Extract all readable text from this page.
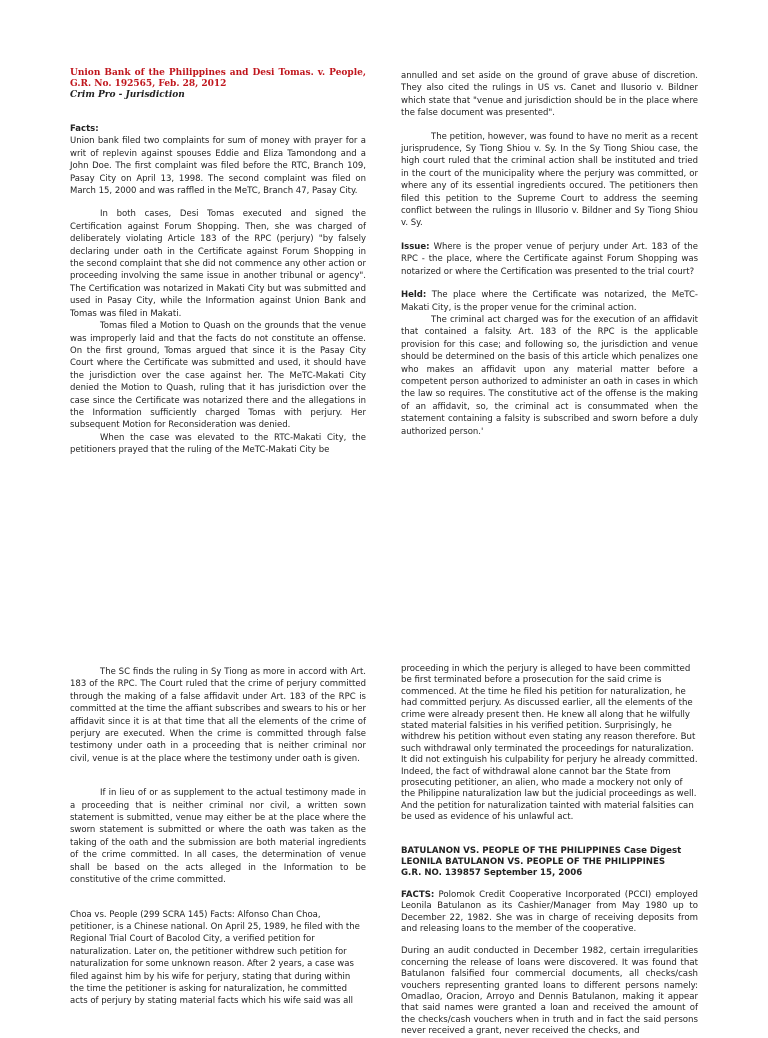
Union Bank of the Philippines and Desi Tomas. v. People, G.R. No. 192565, Feb. 28, 2012

Crim Pro - Jurisdiction

Facts:

Union bank filed two complaints for sum of money with prayer for a writ of replevin against spouses Eddie and Eliza Tamondong and a John Doe. The first complaint was filed before the RTC, Branch 109, Pasay City on April 13, 1998. The second complaint was filed on March 15, 2000 and was raffled in the MeTC, Branch 47, Pasay City.

In both cases, Desi Tomas executed and signed the Certification against Forum Shopping. Then, she was charged of deliberately violating Article 183 of the RPC (perjury) "by falsely declaring under oath in the Certificate against Forum Shopping in the second complaint that she did not commence any other action or proceeding involving the same issue in another tribunal or agency". The Certification was notarized in Makati City but was submitted and used in Pasay City, while the Information against Union Bank and Tomas was filed in Makati.

Tomas filed a Motion to Quash on the grounds that the venue was improperly laid and that the facts do not constitute an offense. On the first ground, Tomas argued that since it is the Pasay City Court where the Certificate was submitted and used, it should have the jurisdiction over the case against her. The MeTC-Makati City denied the Motion to Quash, ruling that it has jurisdiction over the case since the Certificate was notarized there and the allegations in the Information sufficiently charged Tomas with perjury. Her subsequent Motion for Reconsideration was denied.

When the case was elevated to the RTC-Makati City, the petitioners prayed that the ruling of the MeTC-Makati City be

annulled and set aside on the ground of grave abuse of discretion. They also cited the rulings in US vs. Canet and Ilusorio v. Bildner which state that "venue and jurisdiction should be in the place where the false document was presented".

The petition, however, was found to have no merit as a recent jurisprudence, Sy Tiong Shiou v. Sy. In the Sy Tiong Shiou case, the high court ruled that the criminal action shall be instituted and tried in the court of the municipality where the perjury was committed, or where any of its essential ingredients occured. The petitioners then filed this petition to the Supreme Court to address the seeming conflict between the rulings in Illusorio v. Bildner and Sy Tiong Shiou v. Sy.

Issue: Where is the proper venue of perjury under Art. 183 of the RPC - the place, where the Certificate against Forum Shopping was notarized or where the Certification was presented to the trial court?

Held: The place where the Certificate was notarized, the MeTC-Makati City, is the proper venue for the criminal action.

The criminal act charged was for the execution of an affidavit that contained a falsity. Art. 183 of the RPC is the applicable provision for this case; and following so, the jurisdiction and venue should be determined on the basis of this article which penalizes one who makes an affidavit upon any material matter before a competent person authorized to administer an oath in cases in which the law so requires. The constitutive act of the offense is the making of an affidavit, so, the criminal act is consummated when the statement containing a falsity is subscribed and sworn before a duly authorized person.'

The SC finds the ruling in Sy Tiong as more in accord with Art. 183 of the RPC. The Court ruled that the crime of perjury committed through the making of a false affidavit under Art. 183 of the RPC is committed at the time the affiant subscribes and swears to his or her affidavit since it is at that time that all the elements of the crime of perjury are executed. When the crime is committed through false testimony under oath in a proceeding that is neither criminal nor civil, venue is at the place where the testimony under oath is given.

If in lieu of or as supplement to the actual testimony made in a proceeding that is neither criminal nor civil, a written sown statement is submitted, venue may either be at the place where the sworn statement is submitted or where the oath was taken as the taking of the oath and the submission are both material ingredients of the crime committed. In all cases, the determination of venue shall be based on the acts alleged in the Information to be constitutive of the crime committed.

Choa vs. People (299 SCRA 145) Facts: Alfonso Chan Choa, petitioner, is a Chinese national. On April 25, 1989, he filed with the Regional Trial Court of Bacolod City, a verified petition for naturalization. Later on, the petitioner withdrew such petition for naturalization for some unknown reason. After 2 years, a case was filed against him by his wife for perjury, stating that during within the time the petitioner is asking for naturalization, he committed acts of perjury by stating material facts which his wife said was all

proceeding in which the perjury is alleged to have been committed be first terminated before a prosecution for the said crime is commenced. At the time he filed his petition for naturalization, he had committed perjury. As discussed earlier, all the elements of the crime were already present then. He knew all along that he wilfully stated material falsities in his verified petition. Surprisingly, he withdrew his petition without even stating any reason therefore. But such withdrawal only terminated the proceedings for naturalization. It did not extinguish his culpability for perjury he already committed. Indeed, the fact of withdrawal alone cannot bar the State from prosecuting petitioner, an alien, who made a mockery not only of the Philippine naturalization law but the judicial proceedings as well. And the petition for naturalization tainted with material falsities can be used as evidence of his unlawful act.

BATULANON VS. PEOPLE OF THE PHILIPPINES Case Digest

LEONILA BATULANON VS. PEOPLE OF THE PHILIPPINES

G.R. NO. 139857 September 15, 2006

FACTS: Polomok Credit Cooperative Incorporated (PCCI) employed Leonila Batulanon as its Cashier/Manager from May 1980 up to December 22, 1982. She was in charge of receiving deposits from and releasing loans to the member of the cooperative.

During an audit conducted in December 1982, certain irregularities concerning the release of loans were discovered. It was found that Batulanon falsified four commercial documents, all checks/cash vouchers representing granted loans to different persons namely: Omadlao, Oracion, Arroyo and Dennis Batulanon, making it appear that said names were granted a loan and received the amount of the checks/cash vouchers when in truth and in fact the said persons never received a grant, never received the checks, and
